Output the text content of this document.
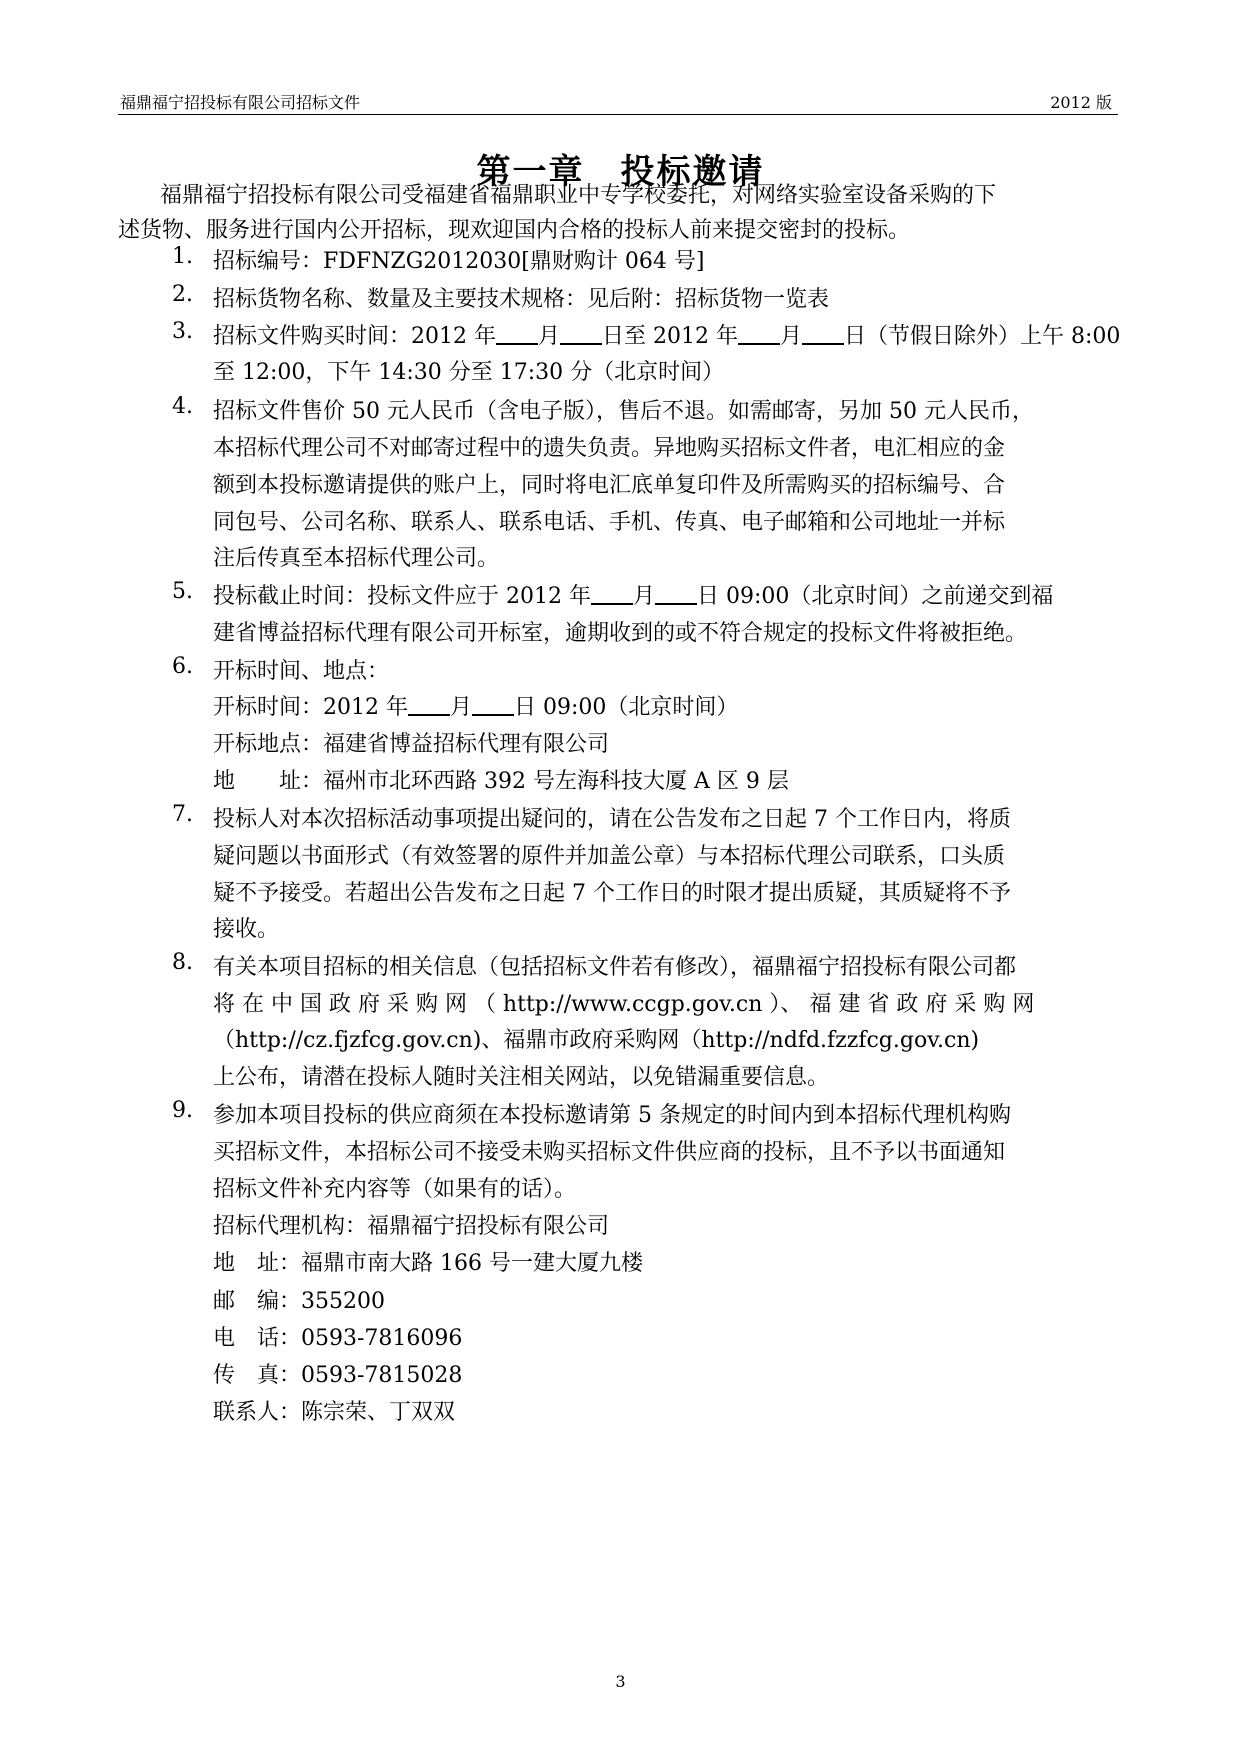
福鼎福宁招投标有限公司招标文件	2012 版
第一章　投标邀请
福鼎福宁招投标有限公司受福建省福鼎职业中专学校委托，对网络实验室设备采购的下
述货物、服务进行国内公开招标，现欢迎国内合格的投标人前来提交密封的投标。
1. 招标编号：FDFNZG2012030[鼎财购计 064 号]
2. 招标货物名称、数量及主要技术规格：见后附：招标货物一览表
3. 招标文件购买时间：2012 年 月 日至 2012 年 月 日（节假日除外）上午 8:00
至 12:00，下午 14:30 分至 17:30 分（北京时间）
4. 招标文件售价 50 元人民币（含电子版），售后不退。如需邮寄，另加 50 元人民币，
本招标代理公司不对邮寄过程中的遗失负责。异地购买招标文件者，电汇相应的金
额到本投标邀请提供的账户上，同时将电汇底单复印件及所需购买的招标编号、合
同包号、公司名称、联系人、联系电话、手机、传真、电子邮箱和公司地址一并标
注后传真至本招标代理公司。
5. 投标截止时间：投标文件应于 2012 年 月 日 09:00（北京时间）之前递交到福
建省博益招标代理有限公司开标室，逾期收到的或不符合规定的投标文件将被拒绝。
6. 开标时间、地点：
开标时间：2012 年 月 日 09:00（北京时间）
开标地点：福建省博益招标代理有限公司
地　　址：福州市北环西路 392 号左海科技大厦 A 区 9 层
7. 投标人对本次招标活动事项提出疑问的，请在公告发布之日起 7 个工作日内，将质
疑问题以书面形式（有效签署的原件并加盖公章）与本招标代理公司联系，口头质
疑不予接受。若超出公告发布之日起 7 个工作日的时限才提出质疑，其质疑将不予
接收。
8. 有关本项目招标的相关信息（包括招标文件若有修改），福鼎福宁招投标有限公司都
将 在 中 国 政 府 采 购 网 （ http://www.ccgp.gov.cn ）、 福 建 省 政 府 采 购 网
（http://cz.fjzfcg.gov.cn)、福鼎市政府采购网（http://ndfd.fzzfcg.gov.cn)
上公布，请潜在投标人随时关注相关网站，以免错漏重要信息。
9. 参加本项目投标的供应商须在本投标邀请第 5 条规定的时间内到本招标代理机构购
买招标文件，本招标公司不接受未购买招标文件供应商的投标，且不予以书面通知
招标文件补充内容等（如果有的话）。
招标代理机构：福鼎福宁招投标有限公司
地　址：福鼎市南大路 166 号一建大厦九楼
邮　编：355200
电　话：0593-7816096
传　真：0593-7815028
联系人：陈宗荣、丁双双
3
